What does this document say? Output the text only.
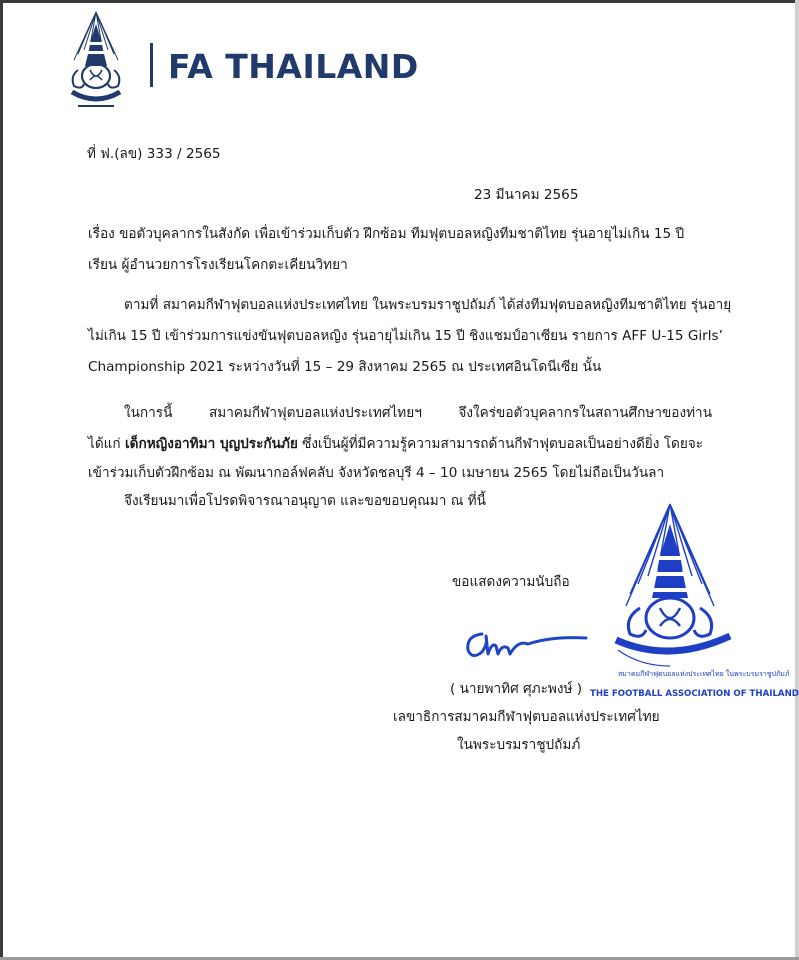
FA THAILAND
ที่ ฟ.(ลข) 333 / 2565
23 มีนาคม 2565
เรื่อง ขอตัวบุคลากรในสังกัด เพื่อเข้าร่วมเก็บตัว ฝึกซ้อม ทีมฟุตบอลหญิงทีมชาติไทย รุ่นอายุไม่เกิน 15 ปี
เรียน ผู้อำนวยการโรงเรียนโคกตะเคียนวิทยา
ตามที่ สมาคมกีฬาฟุตบอลแห่งประเทศไทย ในพระบรมราชูปถัมภ์ ได้ส่งทีมฟุตบอลหญิงทีมชาติไทย รุ่นอายุ
ไม่เกิน 15 ปี เข้าร่วมการแข่งขันฟุตบอลหญิง รุ่นอายุไม่เกิน 15 ปี ชิงแชมป์อาเซียน รายการ AFF U-15 Girls’
Championship 2021 ระหว่างวันที่ 15 – 29 สิงหาคม 2565 ณ ประเทศอินโดนีเซีย นั้น
ในการนี้ สมาคมกีฬาฟุตบอลแห่งประเทศไทยฯ จึงใคร่ขอตัวบุคลากรในสถานศึกษาของท่าน
ได้แก่ เด็กหญิงอาทิมา บุญประกันภัย ซึ่งเป็นผู้ที่มีความรู้ความสามารถด้านกีฬาฟุตบอลเป็นอย่างดียิ่ง โดยจะ
เข้าร่วมเก็บตัวฝึกซ้อม ณ พัฒนากอล์ฟคลับ จังหวัดชลบุรี 4 – 10 เมษายน 2565 โดยไม่ถือเป็นวันลา
จึงเรียนมาเพื่อโปรดพิจารณาอนุญาต และขอขอบคุณมา ณ ที่นี้
ขอแสดงความนับถือ
( นายพาทิศ ศุภะพงษ์ )
เลขาธิการสมาคมกีฬาฟุตบอลแห่งประเทศไทย
ในพระบรมราชูปถัมภ์
สมาคมกีฬาฟุตบอลแห่งประเทศไทย ในพระบรมราชูปถัมภ์
THE FOOTBALL ASSOCIATION OF THAILAND
